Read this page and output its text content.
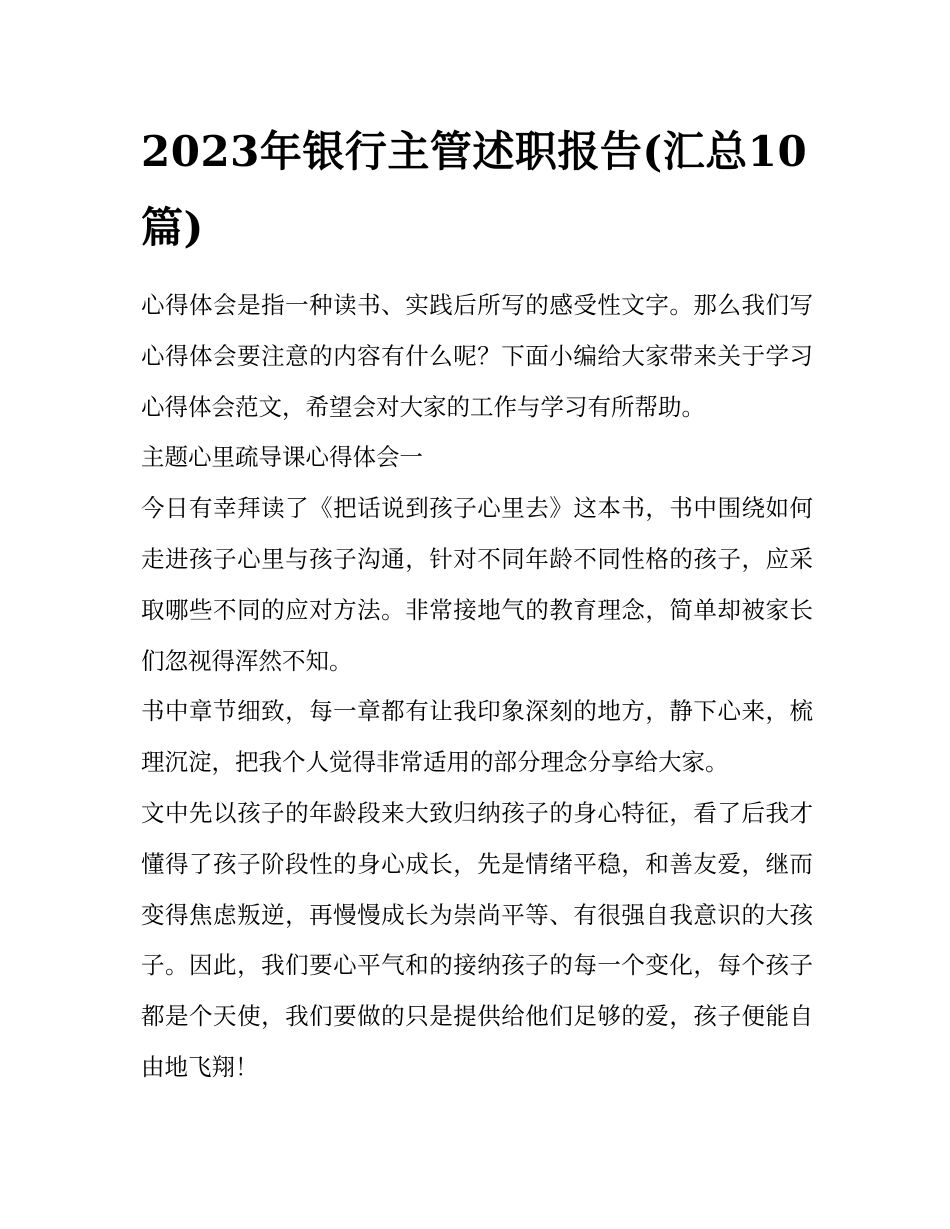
2023年银行主管述职报告(汇总10篇)

心得体会是指一种读书、实践后所写的感受性文字。那么我们写心得体会要注意的内容有什么呢？下面小编给大家带来关于学习心得体会范文，希望会对大家的工作与学习有所帮助。

主题心里疏导课心得体会一

今日有幸拜读了《把话说到孩子心里去》这本书，书中围绕如何走进孩子心里与孩子沟通，针对不同年龄不同性格的孩子，应采取哪些不同的应对方法。非常接地气的教育理念，简单却被家长们忽视得浑然不知。

书中章节细致，每一章都有让我印象深刻的地方，静下心来，梳理沉淀，把我个人觉得非常适用的部分理念分享给大家。

文中先以孩子的年龄段来大致归纳孩子的身心特征，看了后我才懂得了孩子阶段性的身心成长，先是情绪平稳，和善友爱，继而变得焦虑叛逆，再慢慢成长为崇尚平等、有很强自我意识的大孩子。因此，我们要心平气和的接纳孩子的每一个变化，每个孩子都是个天使，我们要做的只是提供给他们足够的爱，孩子便能自由地飞翔！
